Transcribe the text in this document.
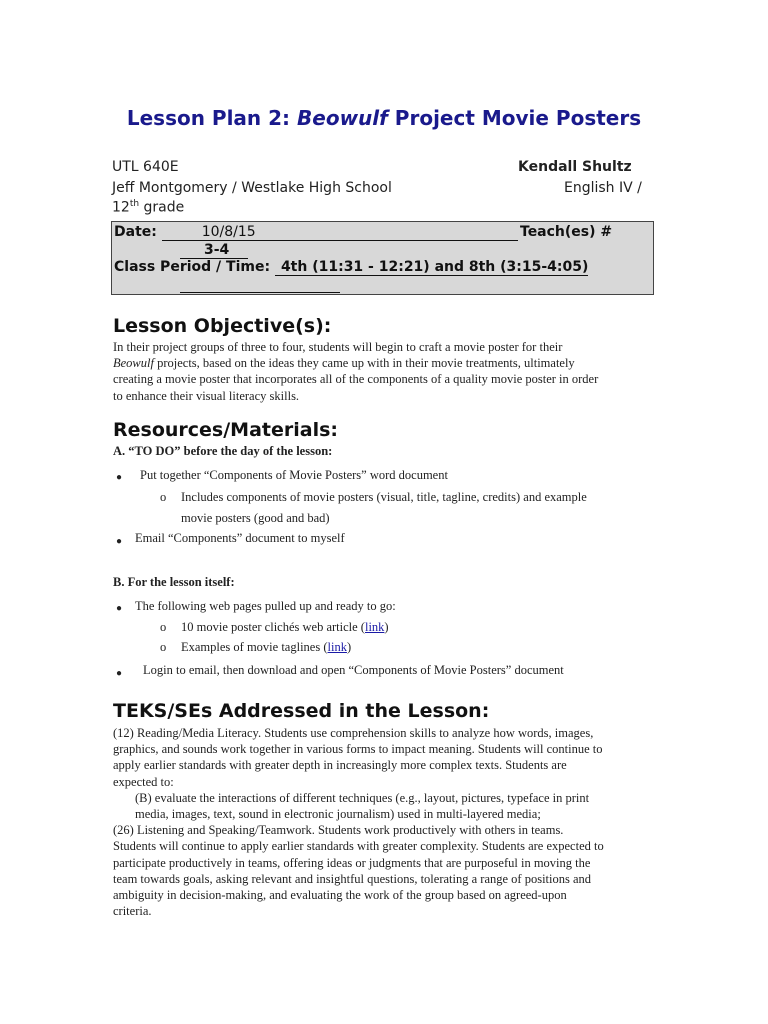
Lesson Plan 2: Beowulf Project Movie Posters
UTL 640E	Kendall Shultz
Jeff Montgomery / Westlake High School	English IV /
12th grade
Date:	10/8/15	Teach(es) #
3-4
Class Period / Time: 4th (11:31 - 12:21) and 8th (3:15-4:05)
Lesson Objective(s):
In their project groups of three to four, students will begin to craft a movie poster for their
Beowulf projects, based on the ideas they came up with in their movie treatments, ultimately
creating a movie poster that incorporates all of the components of a quality movie poster in order
to enhance their visual literacy skills.
Resources/Materials:
A. “TO DO” before the day of the lesson:
● Put together “Components of Movie Posters” word document
o Includes components of movie posters (visual, title, tagline, credits) and example
movie posters (good and bad)
● Email “Components” document to myself
B. For the lesson itself:
● The following web pages pulled up and ready to go:
o 10 movie poster clichés web article (link)
o Examples of movie taglines (link)
● Login to email, then download and open “Components of Movie Posters” document
TEKS/SEs Addressed in the Lesson:
(12) Reading/Media Literacy. Students use comprehension skills to analyze how words, images,
graphics, and sounds work together in various forms to impact meaning. Students will continue to
apply earlier standards with greater depth in increasingly more complex texts. Students are
expected to:
(B) evaluate the interactions of different techniques (e.g., layout, pictures, typeface in print
media, images, text, sound in electronic journalism) used in multi-layered media;
(26) Listening and Speaking/Teamwork. Students work productively with others in teams.
Students will continue to apply earlier standards with greater complexity. Students are expected to
participate productively in teams, offering ideas or judgments that are purposeful in moving the
team towards goals, asking relevant and insightful questions, tolerating a range of positions and
ambiguity in decision-making, and evaluating the work of the group based on agreed-upon
criteria.
